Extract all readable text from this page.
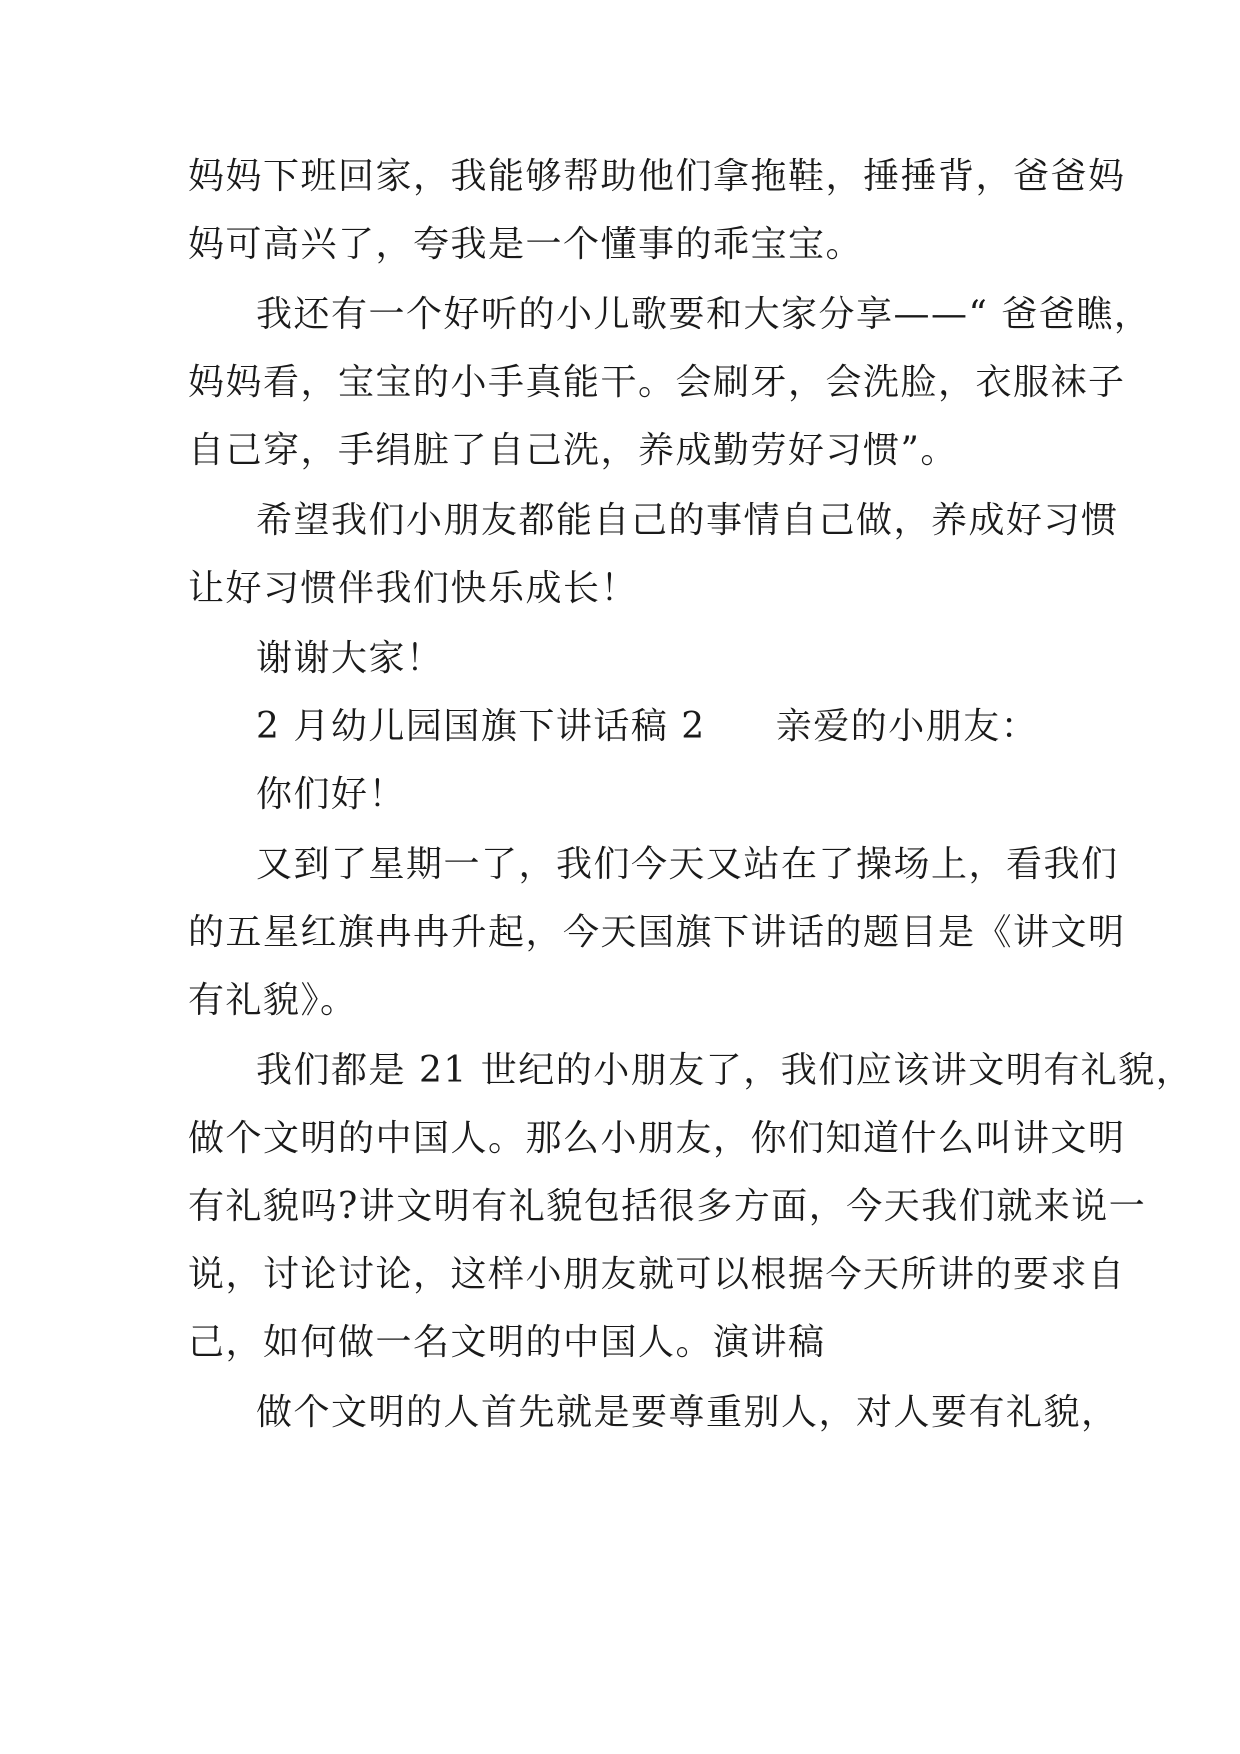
妈妈下班回家，我能够帮助他们拿拖鞋，捶捶背，爸爸妈
妈可高兴了，夸我是一个懂事的乖宝宝。
我还有一个好听的小儿歌要和大家分享——“ 爸爸瞧，
妈妈看，宝宝的小手真能干。会刷牙，会洗脸，衣服袜子
自己穿，手绢脏了自己洗，养成勤劳好习惯”。
希望我们小朋友都能自己的事情自己做，养成好习惯
让好习惯伴我们快乐成长！
谢谢大家！
2 月幼儿园国旗下讲话稿 2 亲爱的小朋友：
你们好！
又到了星期一了，我们今天又站在了操场上，看我们
的五星红旗冉冉升起，今天国旗下讲话的题目是《讲文明
有礼貌》。
我们都是 21 世纪的小朋友了，我们应该讲文明有礼貌，
做个文明的中国人。那么小朋友，你们知道什么叫讲文明
有礼貌吗?讲文明有礼貌包括很多方面，今天我们就来说一
说，讨论讨论，这样小朋友就可以根据今天所讲的要求自
己，如何做一名文明的中国人。演讲稿
做个文明的人首先就是要尊重别人，对人要有礼貌，
